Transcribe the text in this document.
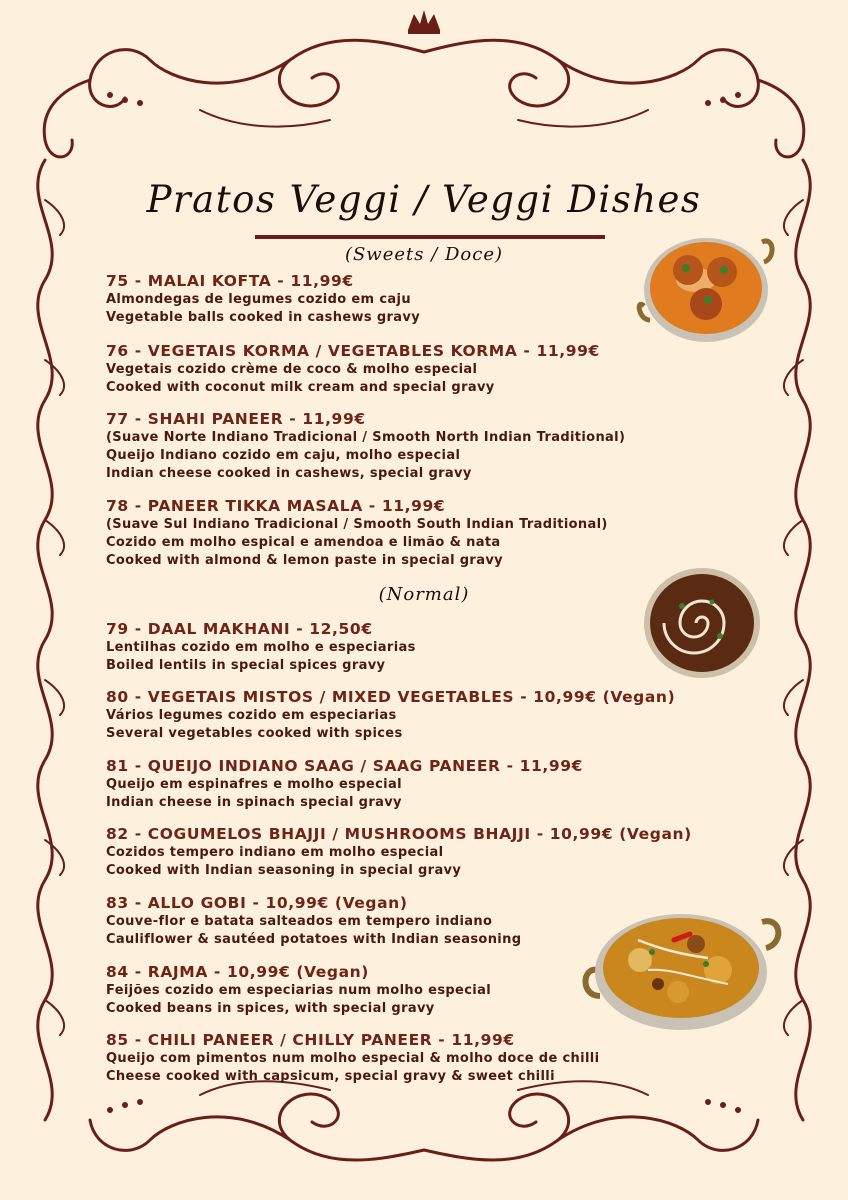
Pratos Veggi / Veggi Dishes
(Sweets / Doce)
75 - MALAI KOFTA - 11,99€
Almondegas de legumes cozido em caju
Vegetable balls cooked in cashews gravy
76 - VEGETAIS KORMA / VEGETABLES KORMA - 11,99€
Vegetais cozido crème de coco & molho especial
Cooked with coconut milk cream and special gravy
77 - SHAHI PANEER - 11,99€
(Suave Norte Indiano Tradicional / Smooth North Indian Traditional)
Queijo Indiano cozido em caju, molho especial
Indian cheese cooked in cashews, special gravy
78 - PANEER TIKKA MASALA - 11,99€
(Suave Sul Indiano Tradicional / Smooth South Indian Traditional)
Cozido em molho espical e amendoa e limão & nata
Cooked with almond & lemon paste in special gravy
(Normal)
79 - DAAL MAKHANI - 12,50€
Lentilhas cozido em molho e especiarias
Boiled lentils in special spices gravy
80 - VEGETAIS MISTOS / MIXED VEGETABLES - 10,99€ (Vegan)
Vários legumes cozido em especiarias
Several vegetables cooked with spices
81 - QUEIJO INDIANO SAAG / SAAG PANEER - 11,99€
Queijo em espinafres e molho especial
Indian cheese in spinach special gravy
82 - COGUMELOS BHAJJI / MUSHROOMS BHAJJI - 10,99€ (Vegan)
Cozidos tempero indiano em molho especial
Cooked with Indian seasoning in special gravy
83 - ALLO GOBI - 10,99€ (Vegan)
Couve-flor e batata salteados em tempero indiano
Cauliflower & sautéed potatoes with Indian seasoning
84 - RAJMA - 10,99€ (Vegan)
Feijões cozido em especiarias num molho especial
Cooked beans in spices, with special gravy
85 - CHILI PANEER / CHILLY PANEER - 11,99€
Queijo com pimentos num molho especial & molho doce de chilli
Cheese cooked with capsicum, special gravy & sweet chilli
